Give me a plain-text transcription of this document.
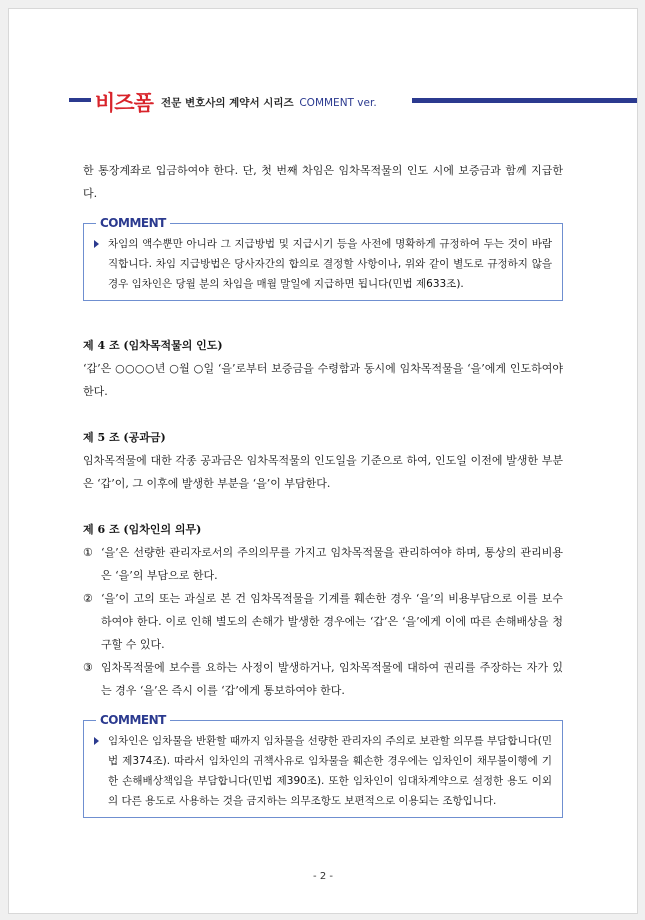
비즈폼 전문 변호사의 계약서 시리즈 COMMENT ver.

한 통장계좌로 입금하여야 한다. 단, 첫 번째 차임은 임차목적물의 인도 시에 보증금과 함께 지급한다.

COMMENT
차임의 액수뿐만 아니라 그 지급방법 및 지급시기 등을 사전에 명확하게 규정하여 두는 것이 바람직합니다. 차임 지급방법은 당사자간의 합의로 결정할 사항이나, 위와 같이 별도로 규정하지 않을 경우 임차인은 당월 분의 차임을 매월 말일에 지급하면 됩니다(민법 제633조).

제 4 조 (임차목적물의 인도)

‘갑’은 ○○○○년 ○월 ○일 ‘을’로부터 보증금을 수령함과 동시에 임차목적물을 ‘을’에게 인도하여야 한다.

제 5 조 (공과금)

임차목적물에 대한 각종 공과금은 임차목적물의 인도일을 기준으로 하여, 인도일 이전에 발생한 부분은 ‘갑’이, 그 이후에 발생한 부분을 ‘을’이 부담한다.

제 6 조 (임차인의 의무)

① ‘을’은 선량한 관리자로서의 주의의무를 가지고 임차목적물을 관리하여야 하며, 통상의 관리비용은 ‘을’의 부담으로 한다.

② ‘을’이 고의 또는 과실로 본 건 임차목적물을 기계를 훼손한 경우 ‘을’의 비용부담으로 이를 보수하여야 한다. 이로 인해 별도의 손해가 발생한 경우에는 ‘갑’은 ‘을’에게 이에 따른 손해배상을 청구할 수 있다.

③ 임차목적물에 보수를 요하는 사정이 발생하거나, 임차목적물에 대하여 권리를 주장하는 자가 있는 경우 ‘을’은 즉시 이를 ‘갑’에게 통보하여야 한다.

COMMENT
임차인은 임차물을 반환할 때까지 임차물을 선량한 관리자의 주의로 보관할 의무를 부담합니다(민법 제374조). 따라서 임차인의 귀책사유로 임차물을 훼손한 경우에는 임차인이 채무불이행에 기한 손해배상책임을 부담합니다(민법 제390조). 또한 임차인이 임대차계약으로 설정한 용도 이외의 다른 용도로 사용하는 것을 금지하는 의무조항도 보편적으로 이용되는 조항입니다.
- 2 -
